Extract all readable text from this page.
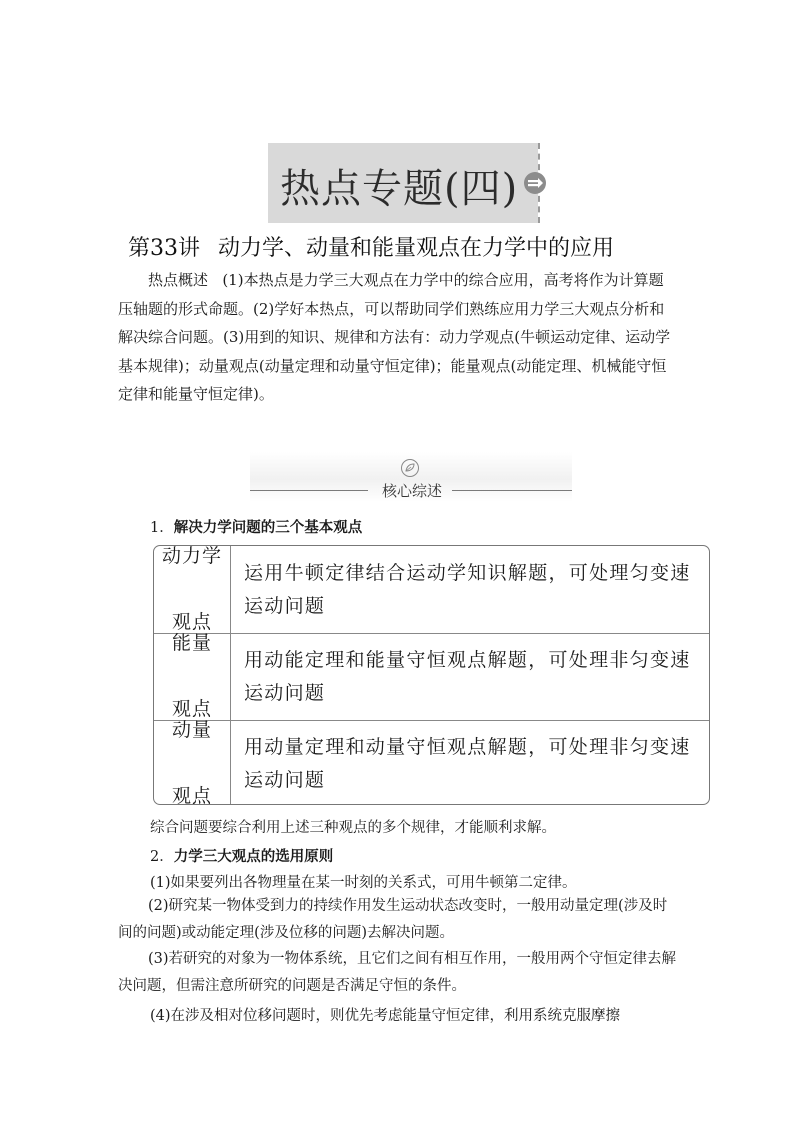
热点专题(四)
第33讲 动力学、动量和能量观点在力学中的应用
热点概述 (1)本热点是力学三大观点在力学中的综合应用，高考将作为计算题压轴题的形式命题。(2)学好本热点，可以帮助同学们熟练应用力学三大观点分析和解决综合问题。(3)用到的知识、规律和方法有：动力学观点(牛顿运动定律、运动学基本规律)；动量观点(动量定理和动量守恒定律)；能量观点(动能定理、机械能守恒定律和能量守恒定律)。
核心综述
1．解决力学问题的三个基本观点
动力学

观点
运用牛顿定律结合运动学知识解题，可处理匀变速运动问题
能量

观点
用动能定理和能量守恒观点解题，可处理非匀变速运动问题
动量

观点
用动量定理和动量守恒观点解题，可处理非匀变速运动问题
综合问题要综合利用上述三种观点的多个规律，才能顺利求解。
2．力学三大观点的选用原则
(1)如果要列出各物理量在某一时刻的关系式，可用牛顿第二定律。
(2)研究某一物体受到力的持续作用发生运动状态改变时，一般用动量定理(涉及时间的问题)或动能定理(涉及位移的问题)去解决问题。
(3)若研究的对象为一物体系统，且它们之间有相互作用，一般用两个守恒定律去解决问题，但需注意所研究的问题是否满足守恒的条件。
(4)在涉及相对位移问题时，则优先考虑能量守恒定律，利用系统克服摩擦
